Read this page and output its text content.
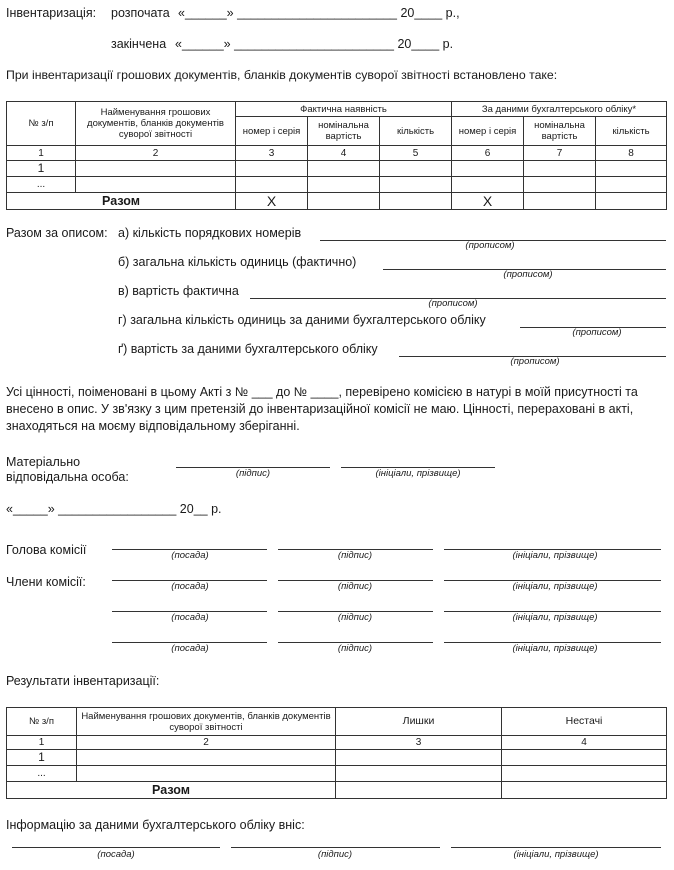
Інвентаризація: розпочата «______» _______________________ 20____ р.,
закінчена «______» _______________________ 20____ р.
При інвентаризації грошових документів, бланків документів суворої звітності встановлено таке:
№ з/п	Найменування грошових документів, бланків документів суворої звітності	Фактична наявність			За даними бухгалтерського обліку*		
		номер і серія	номінальна вартість	кількість	номер і серія	номінальна вартість	кількість
1	2	3	4	5	6	7	8
1							
...							
Разом		Х			Х		
Разом за описом: а) кількість порядкових номерів
(прописом)
б) загальна кількість одиниць (фактично)
(прописом)
в) вартість фактична
(прописом)
г) загальна кількість одиниць за даними бухгалтерського обліку
(прописом)
ґ) вартість за даними бухгалтерського обліку
(прописом)
Усі цінності, поіменовані в цьому Акті з № ___ до № ____, перевірено комісією в натурі в моїй присутності та внесено в опис. У зв'язку з цим претензій до інвентаризаційної комісії не маю. Цінності, перераховані в акті, знаходяться на моєму відповідальному зберіганні.
Матеріально
відповідальна особа:	(підпис)	(ініціали, прізвище)
«_____» _________________ 20__ р.
Голова комісії	(посада)	(підпис)	(ініціали, прізвище)
Члени комісії:	(посада)	(підпис)	(ініціали, прізвище)
(посада)	(підпис)	(ініціали, прізвище)
(посада)	(підпис)	(ініціали, прізвище)
Результати інвентаризації:
№ з/п	Найменування грошових документів, бланків документів суворої звітності	Лишки	Нестачі
1	2	3	4
1			
...			
Разом			
Інформацію за даними бухгалтерського обліку вніс:
(посада)	(підпис)	(ініціали, прізвище)
